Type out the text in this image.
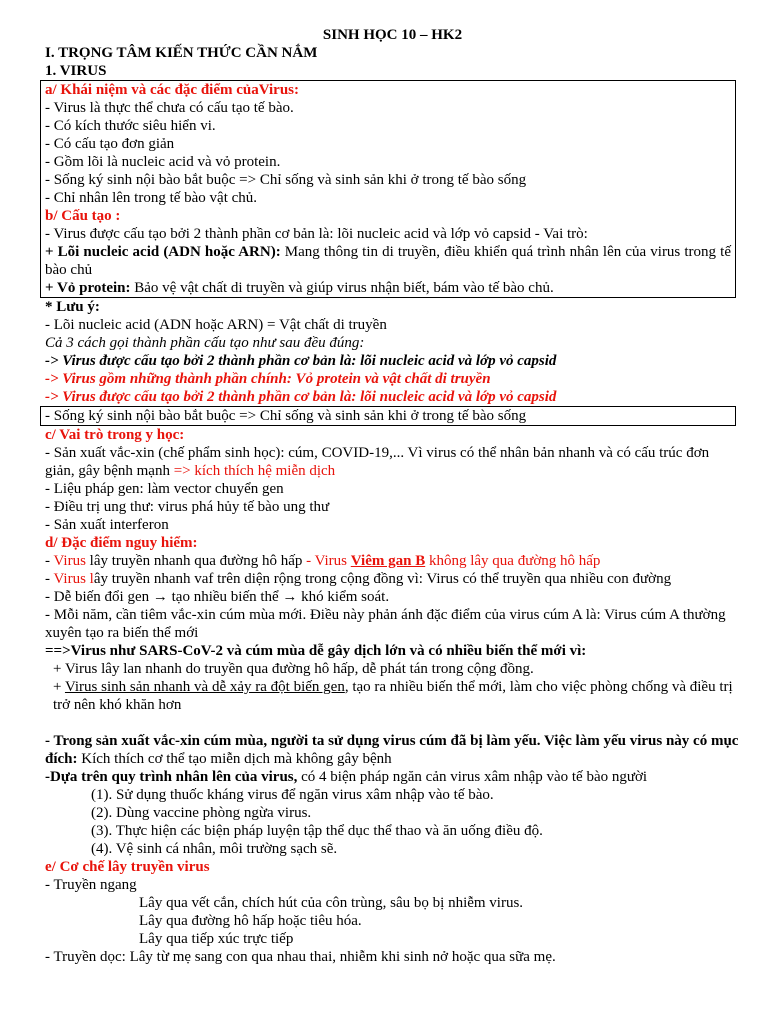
SINH HỌC 10 – HK2
I. TRỌNG TÂM KIẾN THỨC CẦN NẮM
1. VIRUS
a/ Khái niệm và các đặc điểm củaVirus:
- Virus là thực thể chưa có cấu tạo tế bào.
- Có kích thước siêu hiển vi.
- Có cấu tạo đơn giản
- Gồm lõi là nucleic acid và vỏ protein.
- Sống ký sinh nội bào bắt buộc => Chỉ sống và sinh sản khi ở trong tế bào sống
- Chỉ nhân lên trong tế bào vật chủ.
b/ Cấu tạo :
- Virus được cấu tạo bởi 2 thành phần cơ bản là: lõi nucleic acid và lớp vỏ capsid - Vai trò:
+ Lõi nucleic acid (ADN hoặc ARN): Mang thông tin di truyền, điều khiển quá trình nhân lên của virus trong tế bào chủ
+ Vỏ protein: Bảo vệ vật chất di truyền và giúp virus nhận biết, bám vào tế bào chủ.
* Lưu ý:
- Lõi nucleic acid (ADN hoặc ARN) = Vật chất di truyền
Cả 3 cách gọi thành phần cấu tạo như sau đều đúng:
-> Virus được cấu tạo bởi 2 thành phần cơ bản là: lõi nucleic acid và lớp vỏ capsid
-> Virus gồm những thành phần chính: Vỏ protein và vật chất di truyền
-> Virus được cấu tạo bởi 2 thành phần cơ bản là: lõi nucleic acid và lớp vỏ capsid
- Sống ký sinh nội bào bắt buộc => Chỉ sống và sinh sản khi ở trong tế bào sống
c/ Vai trò trong y học:
- Sản xuất vắc-xin (chế phẩm sinh học): cúm, COVID-19,... Vì virus có thể nhân bản nhanh và có cấu trúc đơn giản, gây bệnh mạnh => kích thích hệ miễn dịch
- Liệu pháp gen: làm vector chuyển gen
- Điều trị ung thư: virus phá hủy tế bào ung thư
- Sản xuất interferon
d/ Đặc điểm nguy hiểm:
- Virus lây truyền nhanh qua đường hô hấp - Virus Viêm gan B không lây qua đường hô hấp
- Virus lây truyền nhanh vaf trên diện rộng trong cộng đồng vì: Virus có thể truyền qua nhiều con đường
- Dễ biến đổi gen → tạo nhiều biến thể → khó kiểm soát.
- Mỗi năm, cần tiêm vắc-xin cúm mùa mới. Điều này phản ánh đặc điểm của virus cúm A là: Virus cúm A thường xuyên tạo ra biến thể mới
==>Virus như SARS-CoV-2 và cúm mùa dễ gây dịch lớn và có nhiều biến thể mới vì:
+ Virus lây lan nhanh do truyền qua đường hô hấp, dễ phát tán trong cộng đồng.
+ Virus sinh sản nhanh và dễ xảy ra đột biến gen, tạo ra nhiều biến thể mới, làm cho việc phòng chống và điều trị trở nên khó khăn hơn
- Trong sản xuất vắc-xin cúm mùa, người ta sử dụng virus cúm đã bị làm yếu. Việc làm yếu virus này có mục đích: Kích thích cơ thể tạo miễn dịch mà không gây bệnh
-Dựa trên quy trình nhân lên của virus, có 4 biện pháp ngăn cản virus xâm nhập vào tế bào người
(1). Sử dụng thuốc kháng virus để ngăn virus xâm nhập vào tế bào.
(2). Dùng vaccine phòng ngừa virus.
(3). Thực hiện các biện pháp luyện tập thể dục thể thao và ăn uống điều độ.
(4). Vệ sinh cá nhân, môi trường sạch sẽ.
e/ Cơ chế lây truyền virus
- Truyền ngang
Lây qua vết cắn, chích hút của côn trùng, sâu bọ bị nhiễm virus.
Lây qua đường hô hấp hoặc tiêu hóa.
Lây qua tiếp xúc trực tiếp
- Truyền dọc: Lây từ mẹ sang con qua nhau thai, nhiễm khi sinh nở hoặc qua sữa mẹ.
